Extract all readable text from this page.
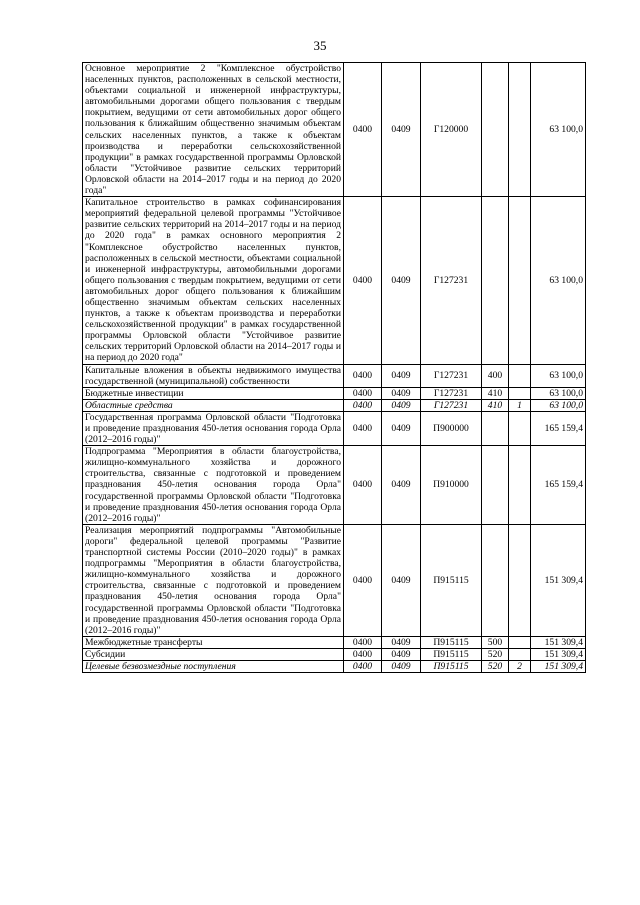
35
Основное мероприятие 2 "Комплексное обустройство населенных пунктов, расположенных в сельской местности, объектами социальной и инженерной инфраструктуры, автомобильными дорогами общего пользования с твердым покрытием, ведущими от сети автомобильных дорог общего пользования к ближайшим общественно значимым объектам сельских населенных пунктов, а также к объектам производства и переработки сельскохозяйственной продукции" в рамках государственной программы Орловской области "Устойчивое развитие сельских территорий Орловской области на 2014–2017 годы и на период до 2020 года"	0400	0409	Г120000			63 100,0
Капитальное строительство в рамках софинансирования мероприятий федеральной целевой программы "Устойчивое развитие сельских территорий на 2014–2017 годы и на период до 2020 года" в рамках основного мероприятия 2 "Комплексное обустройство населенных пунктов, расположенных в сельской местности, объектами социальной и инженерной инфраструктуры, автомобильными дорогами общего пользования с твердым покрытием, ведущими от сети автомобильных дорог общего пользования к ближайшим общественно значимым объектам сельских населенных пунктов, а также к объектам производства и переработки сельскохозяйственной продукции" в рамках государственной программы Орловской области "Устойчивое развитие сельских территорий Орловской области на 2014–2017 годы и на период до 2020 года"	0400	0409	Г127231			63 100,0
Капитальные вложения в объекты недвижимого имущества государственной (муниципальной) собственности	0400	0409	Г127231	400		63 100,0
Бюджетные инвестиции	0400	0409	Г127231	410		63 100,0
Областные средства	0400	0409	Г127231	410	1	63 100,0
Государственная программа Орловской области "Подготовка и проведение празднования 450-летия основания города Орла (2012–2016 годы)"	0400	0409	П900000			165 159,4
Подпрограмма "Мероприятия в области благоустройства, жилищно-коммунального хозяйства и дорожного строительства, связанные с подготовкой и проведением празднования 450-летия основания города Орла" государственной программы Орловской области "Подготовка и проведение празднования 450-летия основания города Орла (2012–2016 годы)"	0400	0409	П910000			165 159,4
Реализация мероприятий подпрограммы "Автомобильные дороги" федеральной целевой программы "Развитие транспортной системы России (2010–2020 годы)" в рамках подпрограммы "Мероприятия в области благоустройства, жилищно-коммунального хозяйства и дорожного строительства, связанные с подготовкой и проведением празднования 450-летия основания города Орла" государственной программы Орловской области "Подготовка и проведение празднования 450-летия основания города Орла (2012–2016 годы)"	0400	0409	П915115			151 309,4
Межбюджетные трансферты	0400	0409	П915115	500		151 309,4
Субсидии	0400	0409	П915115	520		151 309,4
Целевые безвозмездные поступления	0400	0409	П915115	520	2	151 309,4
